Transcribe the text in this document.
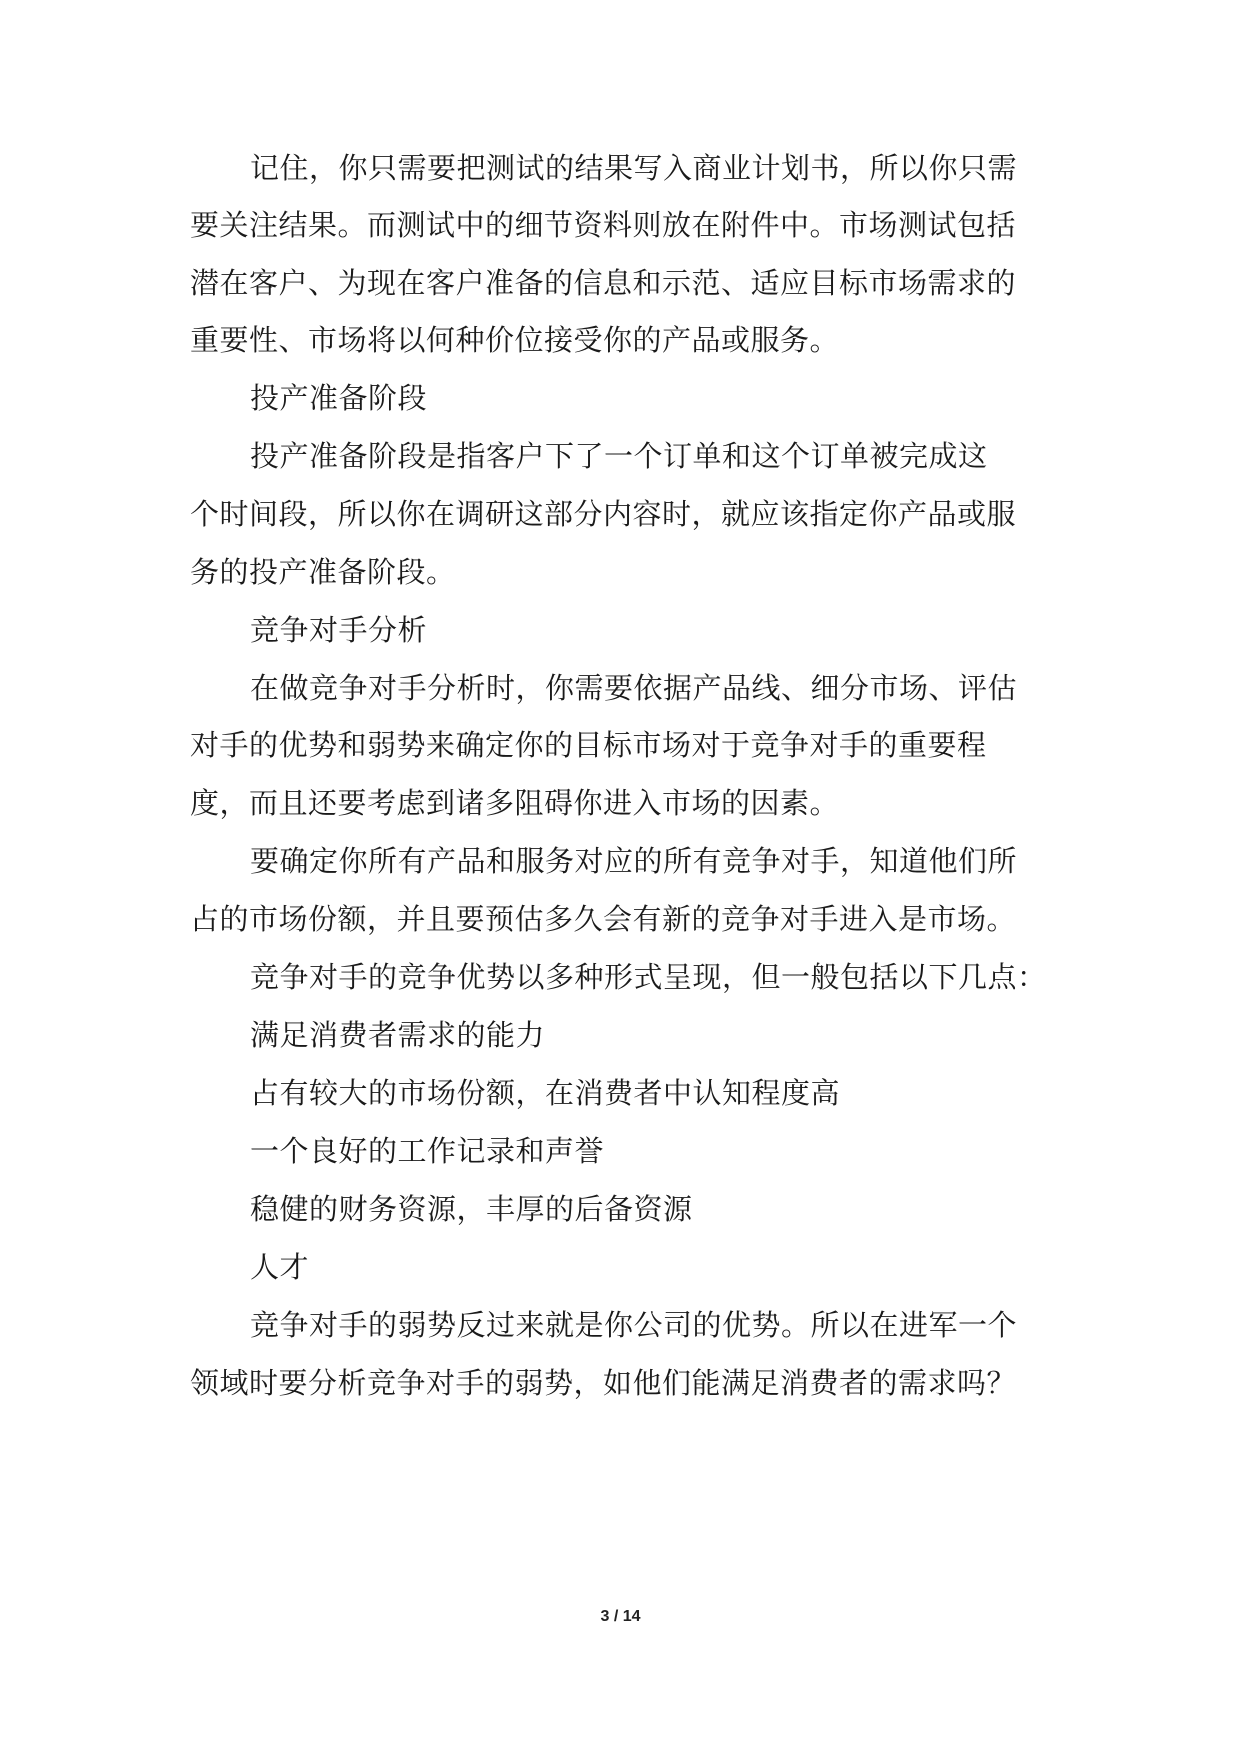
记住，你只需要把测试的结果写入商业计划书，所以你只需
要关注结果。而测试中的细节资料则放在附件中。市场测试包括
潜在客户、为现在客户准备的信息和示范、适应目标市场需求的
重要性、市场将以何种价位接受你的产品或服务。
投产准备阶段
投产准备阶段是指客户下了一个订单和这个订单被完成这
个时间段，所以你在调研这部分内容时，就应该指定你产品或服
务的投产准备阶段。
竞争对手分析
在做竞争对手分析时，你需要依据产品线、细分市场、评估
对手的优势和弱势来确定你的目标市场对于竞争对手的重要程
度，而且还要考虑到诸多阻碍你进入市场的因素。
要确定你所有产品和服务对应的所有竞争对手，知道他们所
占的市场份额，并且要预估多久会有新的竞争对手进入是市场。
竞争对手的竞争优势以多种形式呈现，但一般包括以下几点：
满足消费者需求的能力
占有较大的市场份额，在消费者中认知程度高
一个良好的工作记录和声誉
稳健的财务资源，丰厚的后备资源
人才
竞争对手的弱势反过来就是你公司的优势。所以在进军一个
领域时要分析竞争对手的弱势，如他们能满足消费者的需求吗？
3 / 14
